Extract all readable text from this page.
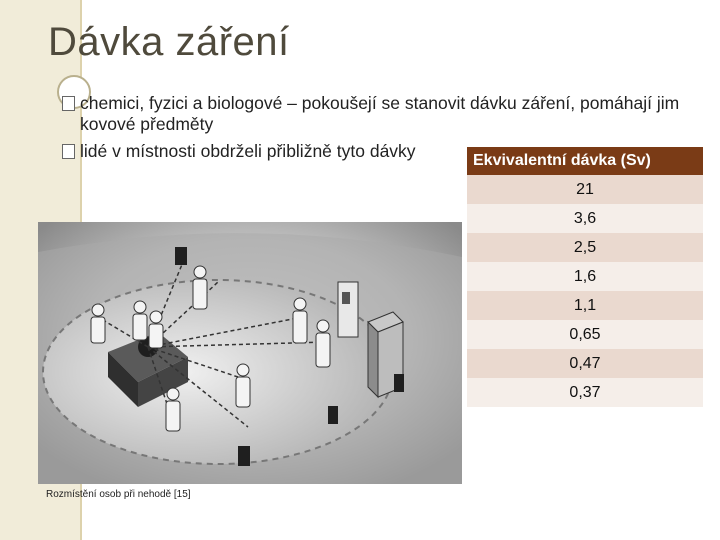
Dávka záření
chemici, fyzici a biologové – pokoušejí se stanovit dávku záření, pomáhají jim kovové předměty
lidé v místnosti obdrželi přibližně tyto dávky	Ekvivalentní dávka (Sv)
21
3,6
2,5
1,6
1,1
0,65
0,47
0,37
Rozmístění osob při nehodě [15]
